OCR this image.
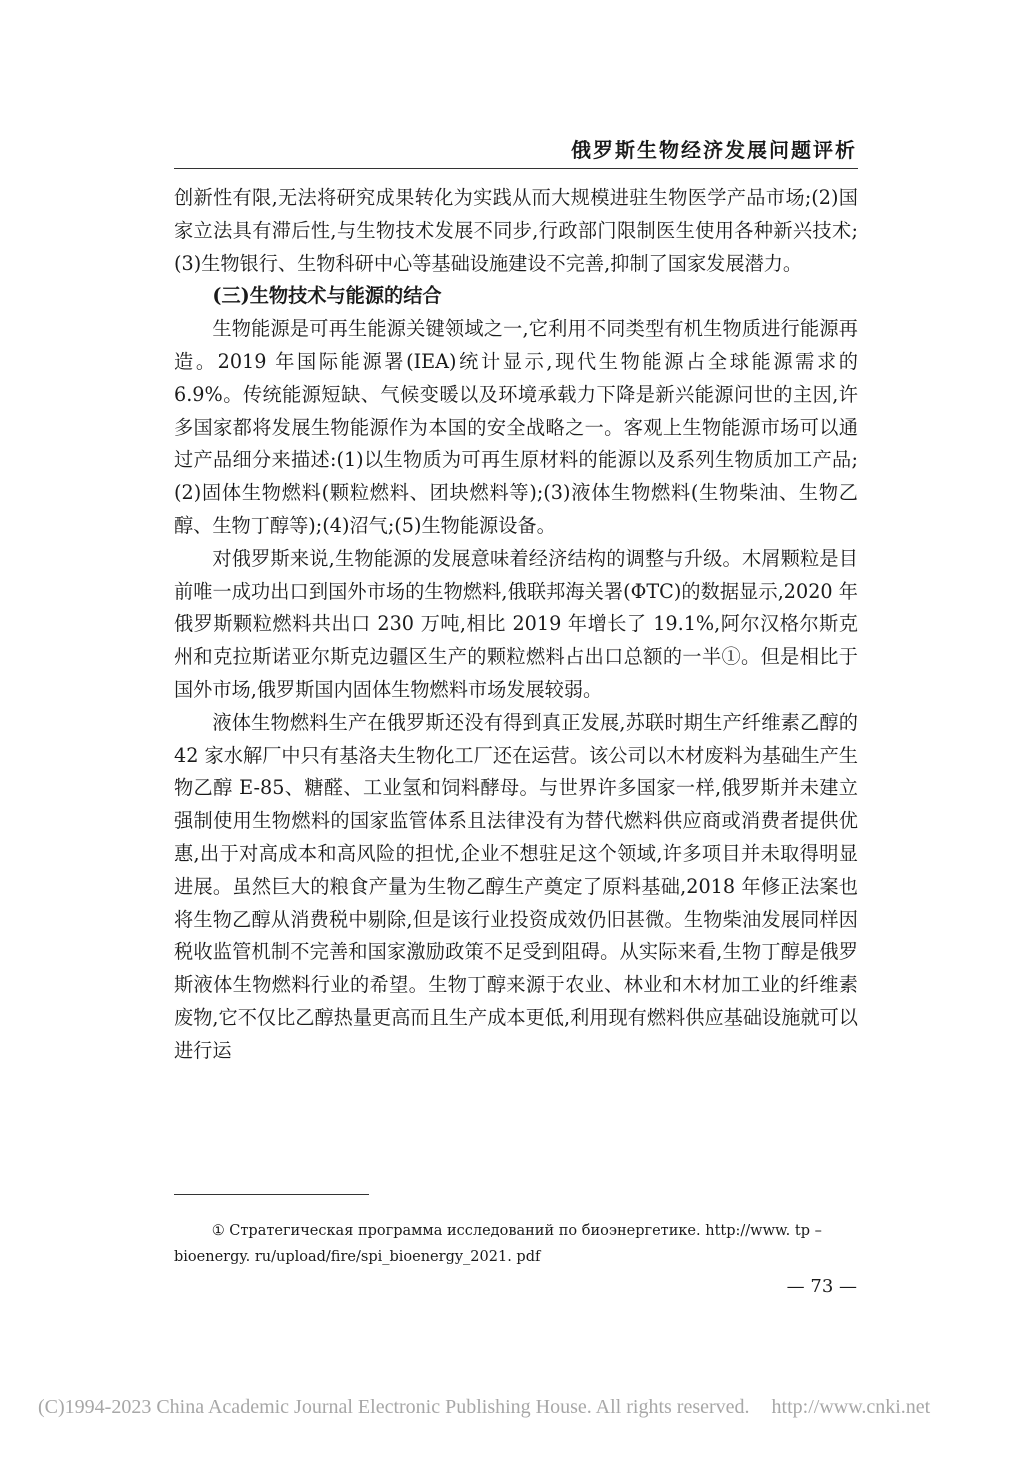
俄罗斯生物经济发展问题评析

创新性有限,无法将研究成果转化为实践从而大规模进驻生物医学产品市场;(2)国家立法具有滞后性,与生物技术发展不同步,行政部门限制医生使用各种新兴技术;(3)生物银行、生物科研中心等基础设施建设不完善,抑制了国家发展潜力。

(三)生物技术与能源的结合

生物能源是可再生能源关键领域之一,它利用不同类型有机生物质进行能源再造。2019 年国际能源署(IEA)统计显示,现代生物能源占全球能源需求的 6.9%。传统能源短缺、气候变暖以及环境承载力下降是新兴能源问世的主因,许多国家都将发展生物能源作为本国的安全战略之一。客观上生物能源市场可以通过产品细分来描述:(1)以生物质为可再生原材料的能源以及系列生物质加工产品;(2)固体生物燃料(颗粒燃料、团块燃料等);(3)液体生物燃料(生物柴油、生物乙醇、生物丁醇等);(4)沼气;(5)生物能源设备。

对俄罗斯来说,生物能源的发展意味着经济结构的调整与升级。木屑颗粒是目前唯一成功出口到国外市场的生物燃料,俄联邦海关署(ΦTC)的数据显示,2020 年俄罗斯颗粒燃料共出口 230 万吨,相比 2019 年增长了 19.1%,阿尔汉格尔斯克州和克拉斯诺亚尔斯克边疆区生产的颗粒燃料占出口总额的一半①。但是相比于国外市场,俄罗斯国内固体生物燃料市场发展较弱。

液体生物燃料生产在俄罗斯还没有得到真正发展,苏联时期生产纤维素乙醇的 42 家水解厂中只有基洛夫生物化工厂还在运营。该公司以木材废料为基础生产生物乙醇 E-85、糖醛、工业氢和饲料酵母。与世界许多国家一样,俄罗斯并未建立强制使用生物燃料的国家监管体系且法律没有为替代燃料供应商或消费者提供优惠,出于对高成本和高风险的担忧,企业不想驻足这个领域,许多项目并未取得明显进展。虽然巨大的粮食产量为生物乙醇生产奠定了原料基础,2018 年修正法案也将生物乙醇从消费税中剔除,但是该行业投资成效仍旧甚微。生物柴油发展同样因税收监管机制不完善和国家激励政策不足受到阻碍。从实际来看,生物丁醇是俄罗斯液体生物燃料行业的希望。生物丁醇来源于农业、林业和木材加工业的纤维素废物,它不仅比乙醇热量更高而且生产成本更低,利用现有燃料供应基础设施就可以进行运

① Стратегическая программа исследований по биоэнергетике. http://www. tp –
bioenergy. ru/upload/fire/spi_bioenergy_2021. pdf
— 73 —
(C)1994-2023 China Academic Journal Electronic Publishing House. All rights reserved. http://www.cnki.net
